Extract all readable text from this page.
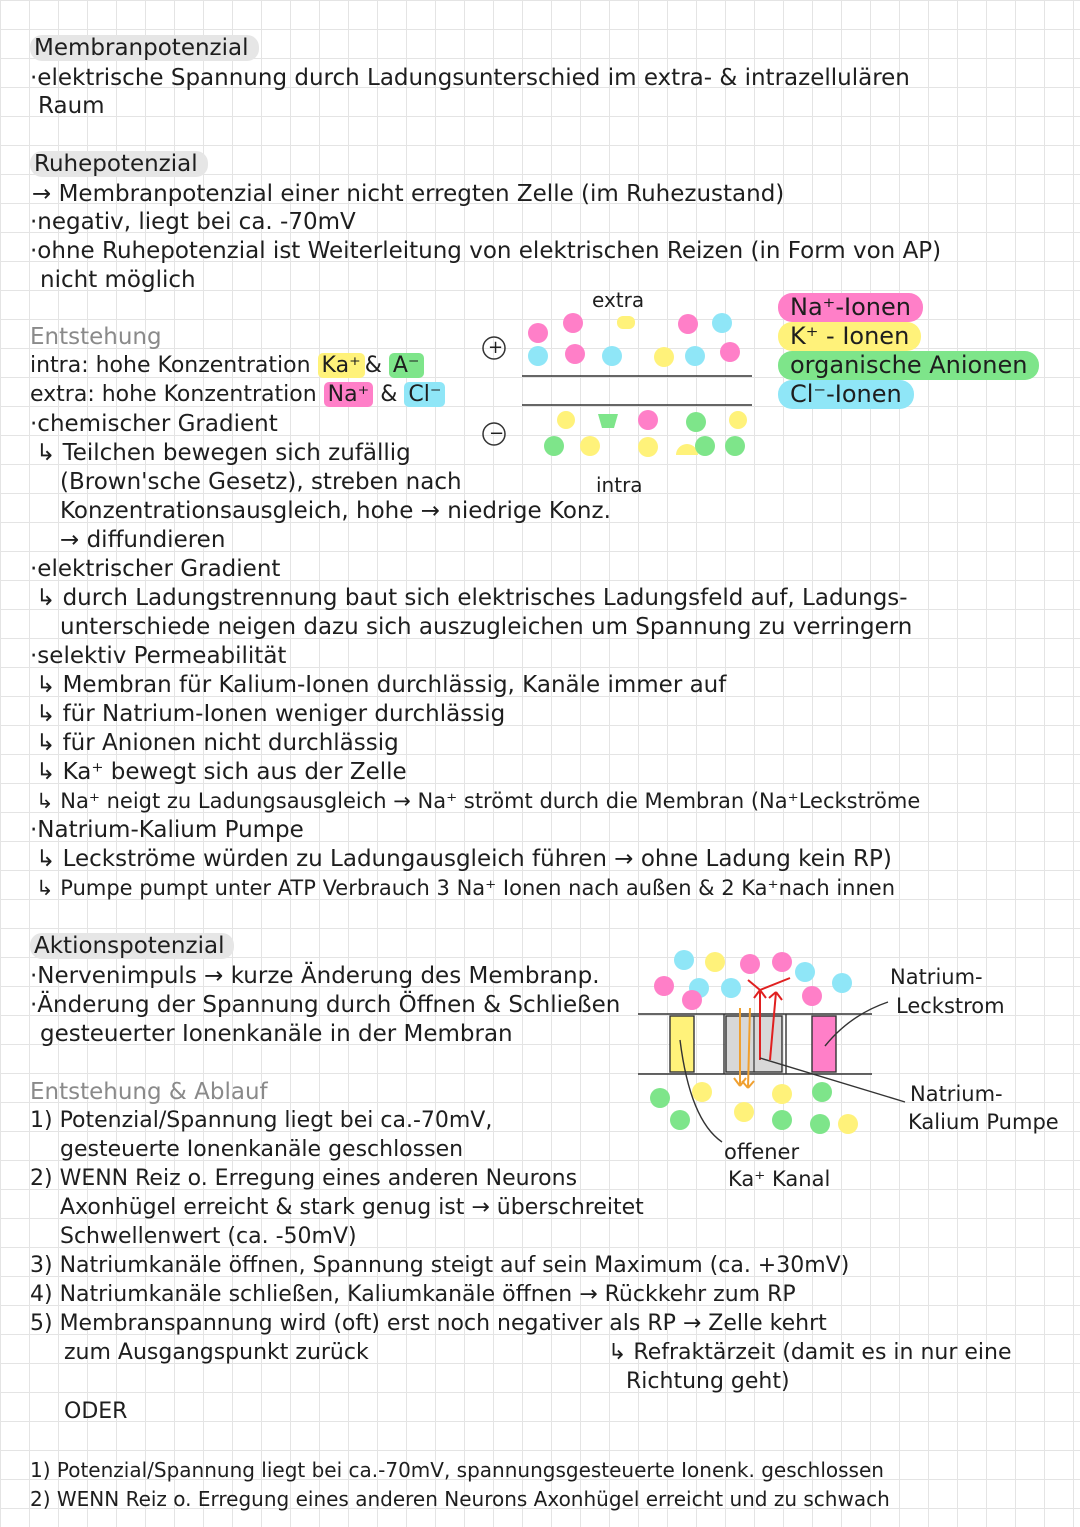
Membranpotenzial
·elektrische Spannung durch Ladungsunterschied im extra- & intrazellulären
Raum
Ruhepotenzial
→ Membranpotenzial einer nicht erregten Zelle (im Ruhezustand)
·negativ, liegt bei ca. -70mV
·ohne Ruhepotenzial ist Weiterleitung von elektrischen Reizen (in Form von AP)
nicht möglich
Entstehung
intra: hohe Konzentration Ka⁺ & A⁻
extra: hohe Konzentration Na⁺ & Cl⁻
·chemischer Gradient
↳ Teilchen bewegen sich zufällig
(Brown'sche Gesetz), streben nach
Konzentrationsausgleich, hohe → niedrige Konz.
→ diffundieren
·elektrischer Gradient
↳ durch Ladungstrennung baut sich elektrisches Ladungsfeld auf, Ladungs-
unterschiede neigen dazu sich auszugleichen um Spannung zu verringern
·selektiv Permeabilität
↳ Membran für Kalium-Ionen durchlässig, Kanäle immer auf
↳ für Natrium-Ionen weniger durchlässig
↳ für Anionen nicht durchlässig
↳ Ka⁺ bewegt sich aus der Zelle
↳ Na⁺ neigt zu Ladungsausgleich → Na⁺ strömt durch die Membran (Na⁺Leckströme
·Natrium-Kalium Pumpe
↳ Leckströme würden zu Ladungausgleich führen → ohne Ladung kein RP)
↳ Pumpe pumpt unter ATP Verbrauch 3 Na⁺ Ionen nach außen & 2 Ka⁺nach innen
extra
intra
+
−
Na⁺-Ionen
K⁺ - Ionen
organische Anionen
Cl⁻-Ionen
Aktionspotenzial
·Nervenimpuls → kurze Änderung des Membranp.
·Änderung der Spannung durch Öffnen & Schließen
gesteuerter Ionenkanäle in der Membran
Natrium-
Leckstrom
Natrium-
Kalium Pumpe
offener
Ka⁺ Kanal
Entstehung & Ablauf
1) Potenzial/Spannung liegt bei ca.-70mV,
gesteuerte Ionenkanäle geschlossen
2) WENN Reiz o. Erregung eines anderen Neurons
Axonhügel erreicht & stark genug ist → überschreitet
Schwellenwert (ca. -50mV)
3) Natriumkanäle öffnen, Spannung steigt auf sein Maximum (ca. +30mV)
4) Natriumkanäle schließen, Kaliumkanäle öffnen → Rückkehr zum RP
5) Membranspannung wird (oft) erst noch negativer als RP → Zelle kehrt
zum Ausgangspunkt zurück	↳ Refraktärzeit (damit es in nur eine
Richtung geht)
ODER
1) Potenzial/Spannung liegt bei ca.-70mV, spannungsgesteuerte Ionenk. geschlossen
2) WENN Reiz o. Erregung eines anderen Neurons Axonhügel erreicht und zu schwach
